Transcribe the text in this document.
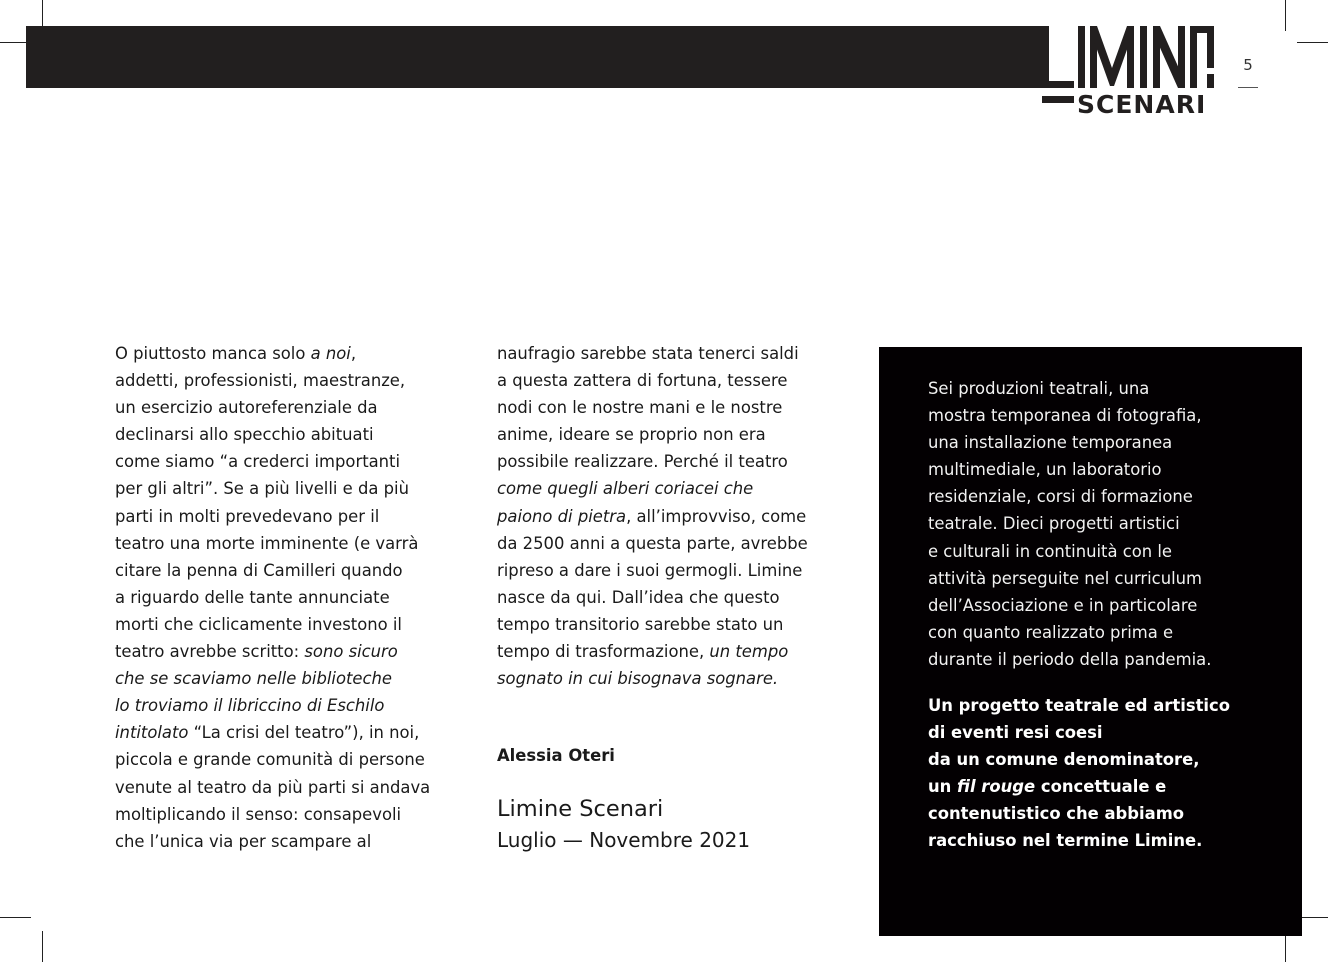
SCENARI
5

O piuttosto manca solo a noi,

addetti, professionisti, maestranze,

un esercizio autoreferenziale da

declinarsi allo specchio abituati

come siamo “a crederci importanti

per gli altri”. Se a più livelli e da più

parti in molti prevedevano per il

teatro una morte imminente (e varrà

citare la penna di Camilleri quando

a riguardo delle tante annunciate

morti che ciclicamente investono il

teatro avrebbe scritto: sono sicuro

che se scaviamo nelle biblioteche

lo troviamo il libriccino di Eschilo

intitolato “La crisi del teatro”), in noi,

piccola e grande comunità di persone

venute al teatro da più parti si andava

moltiplicando il senso: consapevoli

che l’unica via per scampare al

naufragio sarebbe stata tenerci saldi

a questa zattera di fortuna, tessere

nodi con le nostre mani e le nostre

anime, ideare se proprio non era

possibile realizzare. Perché il teatro

come quegli alberi coriacei che

paiono di pietra, all’improvviso, come

da 2500 anni a questa parte, avrebbe

ripreso a dare i suoi germogli. Limine

nasce da qui. Dall’idea che questo

tempo transitorio sarebbe stato un

tempo di trasformazione, un tempo

sognato in cui bisognava sognare.

Alessia Oteri
Limine Scenari
Luglio — Novembre 2021

Sei produzioni teatrali, una

mostra temporanea di fotografia,

una installazione temporanea

multimediale, un laboratorio

residenziale, corsi di formazione

teatrale. Dieci progetti artistici

e culturali in continuità con le

attività perseguite nel curriculum

dell’Associazione e in particolare

con quanto realizzato prima e

durante il periodo della pandemia.

Un progetto teatrale ed artistico

di eventi resi coesi

da un comune denominatore,

un fil rouge concettuale e

contenutistico che abbiamo

racchiuso nel termine Limine.
